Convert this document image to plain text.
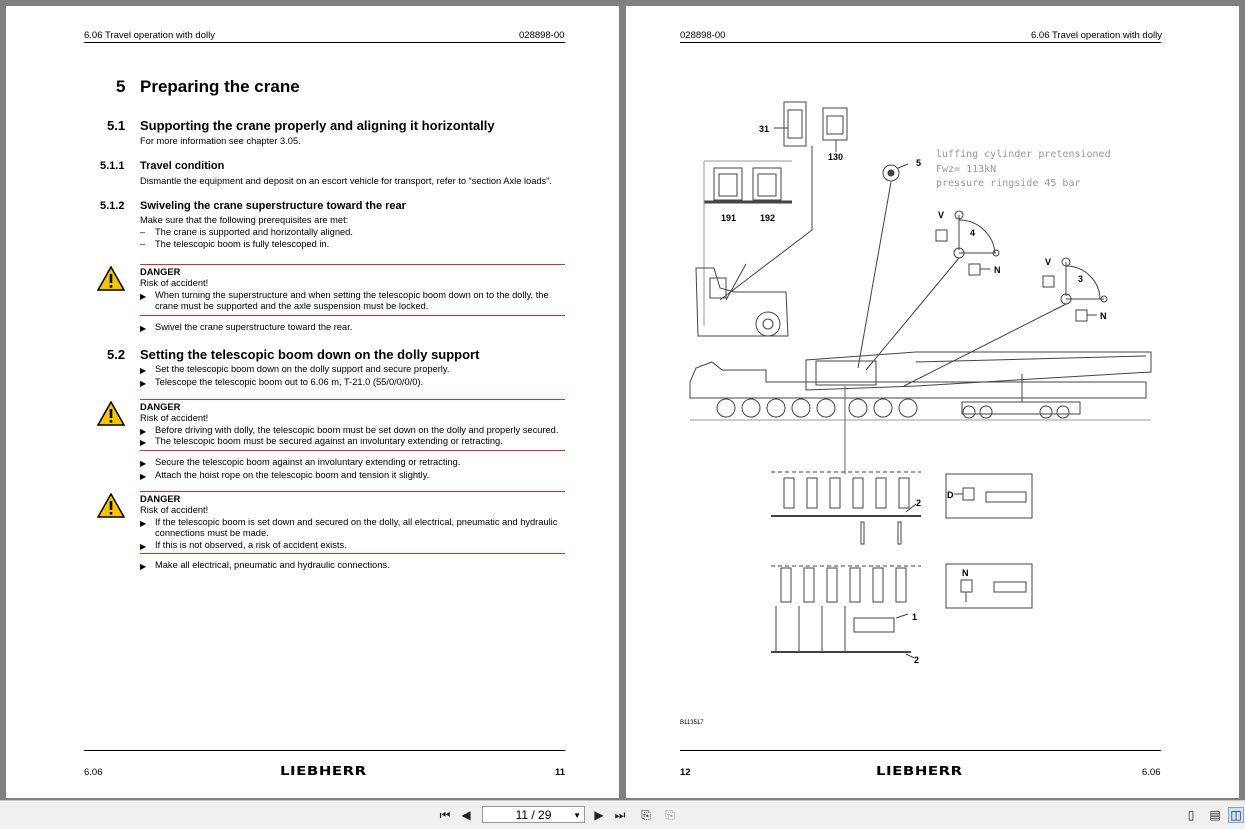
6.06 Travel operation with dolly	028898-00
5 Preparing the crane
5.1 Supporting the crane properly and aligning it horizontally
For more information see chapter 3.05.
5.1.1 Travel condition
Dismantle the equipment and deposit on an escort vehicle for transport, refer to “section Axle loads”.
5.1.2 Swiveling the crane superstructure toward the rear
Make sure that the following prerequisites are met:
– The crane is supported and horizontally aligned.
– The telescopic boom is fully telescoped in.
DANGER
Risk of accident!
▶ When turning the superstructure and when setting the telescopic boom down on to the dolly, the
crane must be supported and the axle suspension must be locked.
▶ Swivel the crane superstructure toward the rear.
5.2 Setting the telescopic boom down on the dolly support
▶ Set the telescopic boom down on the dolly support and secure properly.
▶ Telescope the telescopic boom out to 6.06 m, T-21.0 (55/0/0/0/0).
DANGER
Risk of accident!
▶ Before driving with dolly, the telescopic boom must be set down on the dolly and properly secured.
▶ The telescopic boom must be secured against an involuntary extending or retracting.
▶ Secure the telescopic boom against an involuntary extending or retracting.
▶ Attach the hoist rope on the telescopic boom and tension it slightly.
DANGER
Risk of accident!
▶ If the telescopic boom is set down and secured on the dolly, all electrical, pneumatic and hydraulic
connections must be made.
▶ If this is not observed, a risk of accident exists.
▶ Make all electrical, pneumatic and hydraulic connections.
6.06	LIEBHERR	11
028898-00	6.06 Travel operation with dolly
luffing cylinder pretensioned
Fwz= 113kN
pressure ringside 45 bar
31
130
191	192
5
4
3
V
V
N
N
2
1
2
D
N
B113517
12	LIEBHERR	6.06
⏮ ◀	11 / 29	▼ ▶ ⏭ ⎘ ⎘	▯	▤ ◫
